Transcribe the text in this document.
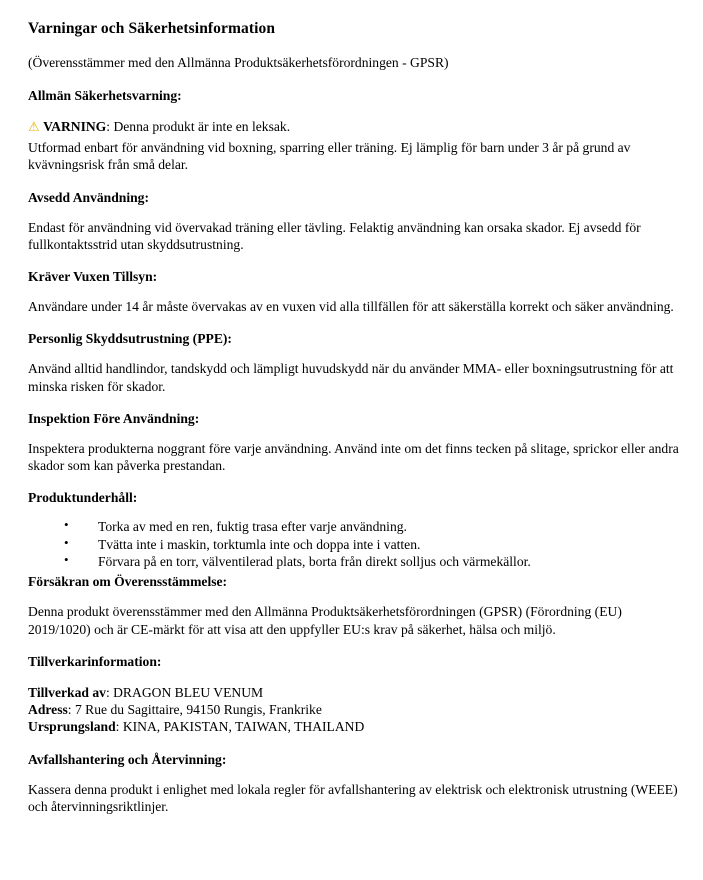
Varningar och Säkerhetsinformation

(Överensstämmer med den Allmänna Produktsäkerhetsförordningen - GPSR)

Allmän Säkerhetsvarning:

⚠ VARNING: Denna produkt är inte en leksak.

Utformad enbart för användning vid boxning, sparring eller träning. Ej lämplig för barn under 3 år på grund av kvävningsrisk från små delar.

Avsedd Användning:

Endast för användning vid övervakad träning eller tävling. Felaktig användning kan orsaka skador. Ej avsedd för fullkontaktsstrid utan skyddsutrustning.

Kräver Vuxen Tillsyn:

Användare under 14 år måste övervakas av en vuxen vid alla tillfällen för att säkerställa korrekt och säker användning.

Personlig Skyddsutrustning (PPE):

Använd alltid handlindor, tandskydd och lämpligt huvudskydd när du använder MMA- eller boxningsutrustning för att minska risken för skador.

Inspektion Före Användning:

Inspektera produkterna noggrant före varje användning. Använd inte om det finns tecken på slitage, sprickor eller andra skador som kan påverka prestandan.

Produktunderhåll:
• Torka av med en ren, fuktig trasa efter varje användning.
• Tvätta inte i maskin, torktumla inte och doppa inte i vatten.
• Förvara på en torr, välventilerad plats, borta från direkt solljus och värmekällor.
Försäkran om Överensstämmelse:

Denna produkt överensstämmer med den Allmänna Produktsäkerhetsförordningen (GPSR) (Förordning (EU) 2019/1020) och är CE-märkt för att visa att den uppfyller EU:s krav på säkerhet, hälsa och miljö.

Tillverkarinformation:
Tillverkad av: DRAGON BLEU VENUM
Adress: 7 Rue du Sagittaire, 94150 Rungis, Frankrike
Ursprungsland: KINA, PAKISTAN, TAIWAN, THAILAND
Avfallshantering och Återvinning:

Kassera denna produkt i enlighet med lokala regler för avfallshantering av elektrisk och elektronisk utrustning (WEEE) och återvinningsriktlinjer.
